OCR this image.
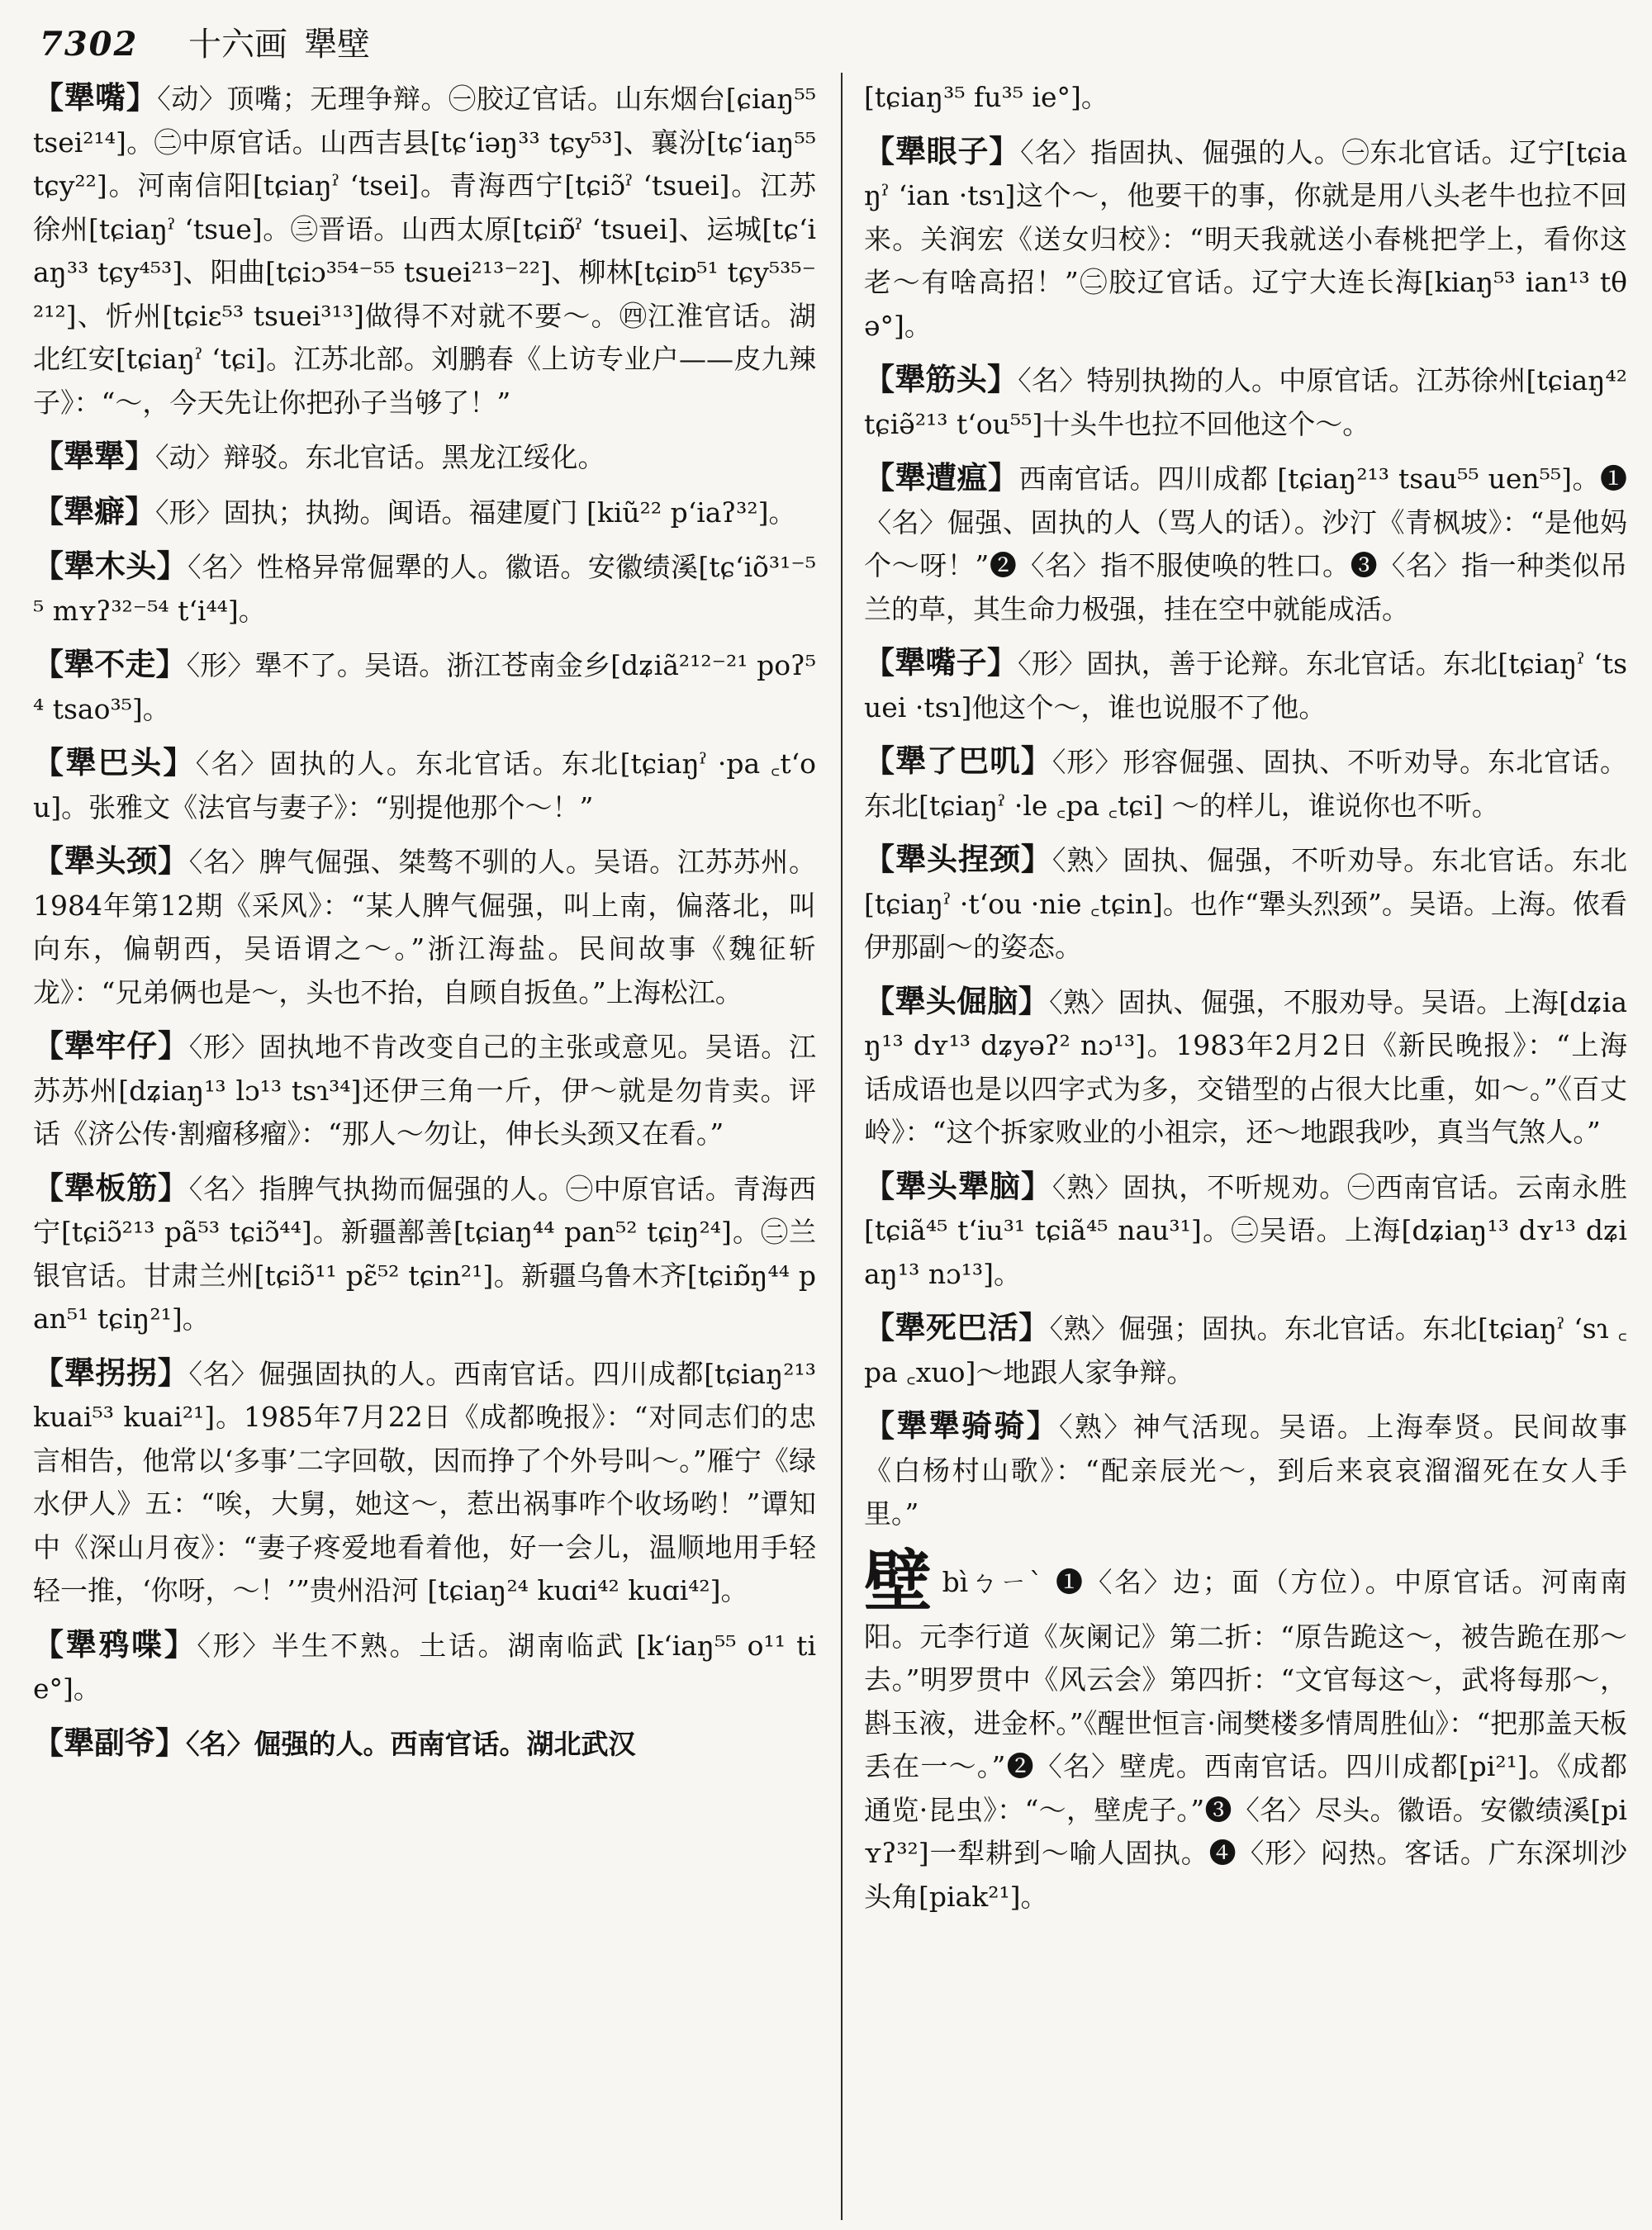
7302 十六画 犟壁

【犟嘴】〈动〉顶嘴；无理争辩。㊀胶辽官话。山东烟台[ɕiaŋ⁵⁵ tsei²¹⁴]。㊁中原官话。山西吉县[tɕʻiəŋ³³ tɕy⁵³]、襄汾[tɕʻiaŋ⁵⁵ tɕy²²]。河南信阳[tɕiaŋˀ ʻtsei]。青海西宁[tɕiɔ̃ˀ ʻtsuei]。江苏徐州[tɕiaŋˀ ʻtsue]。㊂晋语。山西太原[tɕiɒ̃ˀ ʻtsuei]、运城[tɕʻiaŋ³³ tɕy⁴⁵³]、阳曲[tɕiɔ³⁵⁴⁻⁵⁵ tsuei²¹³⁻²²]、柳林[tɕiɒ⁵¹ tɕy⁵³⁵⁻²¹²]、忻州[tɕiɛ⁵³ tsuei³¹³]做得不对就不要～。㊃江淮官话。湖北红安[tɕiaŋˀ ʻtɕi]。江苏北部。刘鹏春《上访专业户——皮九辣子》：“～，今天先让你把孙子当够了！”

【犟犟】〈动〉辩驳。东北官话。黑龙江绥化。

【犟癖】〈形〉固执；执拗。闽语。福建厦门 [kiũ²² pʻiaʔ³²]。

【犟木头】〈名〉性格异常倔犟的人。徽语。安徽绩溪[tɕʻiõ³¹⁻⁵⁵ mʏʔ³²⁻⁵⁴ tʻi⁴⁴]。

【犟不走】〈形〉犟不了。吴语。浙江苍南金乡[dʑiã²¹²⁻²¹ poʔ⁵⁴ tsao³⁵]。

【犟巴头】〈名〉固执的人。东北官话。东北[tɕiaŋˀ ·pa ꜀tʻou]。张雅文《法官与妻子》：“别提他那个～！”

【犟头颈】〈名〉脾气倔强、桀骜不驯的人。吴语。江苏苏州。1984年第12期《采风》：“某人脾气倔强，叫上南，偏落北，叫向东，偏朝西，吴语谓之～。”浙江海盐。民间故事《魏征斩龙》：“兄弟俩也是～，头也不抬，自顾自扳鱼。”上海松江。

【犟牢仔】〈形〉固执地不肯改变自己的主张或意见。吴语。江苏苏州[dʑiaŋ¹³ lɔ¹³ tsɿ³⁴]还伊三角一斤，伊～就是勿肯卖。评话《济公传·割瘤移瘤》：“那人～勿让，伸长头颈又在看。”

【犟板筋】〈名〉指脾气执拗而倔强的人。㊀中原官话。青海西宁[tɕiɔ̃²¹³ pã⁵³ tɕiɔ̃⁴⁴]。新疆鄯善[tɕiaŋ⁴⁴ pan⁵² tɕiŋ²⁴]。㊁兰银官话。甘肃兰州[tɕiɔ̃¹¹ pɛ̃⁵² tɕin²¹]。新疆乌鲁木齐[tɕiɒ̃ŋ⁴⁴ pan⁵¹ tɕiŋ²¹]。

【犟拐拐】〈名〉倔强固执的人。西南官话。四川成都[tɕiaŋ²¹³ kuai⁵³ kuai²¹]。1985年7月22日《成都晚报》：“对同志们的忠言相告，他常以‘多事’二字回敬，因而挣了个外号叫～。”雁宁《绿水伊人》五：“唉，大舅，她这～，惹出祸事咋个收场哟！”谭知中《深山月夜》：“妻子疼爱地看着他，好一会儿，温顺地用手轻轻一推，‘你呀，～！’”贵州沿河 [tɕiaŋ²⁴ kuɑi⁴² kuɑi⁴²]。

【犟鸦喋】〈形〉半生不熟。土话。湖南临武 [kʻiaŋ⁵⁵ o¹¹ tie°]。

【犟副爷】〈名〉倔强的人。西南官话。湖北武汉

[tɕiaŋ³⁵ fu³⁵ ie°]。

【犟眼子】〈名〉指固执、倔强的人。㊀东北官话。辽宁[tɕiaŋˀ ʻian ·tsɿ]这个～，他要干的事，你就是用八头老牛也拉不回来。关润宏《送女归校》：“明天我就送小春桃把学上，看你这老～有啥高招！”㊁胶辽官话。辽宁大连长海[kiaŋ⁵³ ian¹³ tθə°]。

【犟筋头】〈名〉特别执拗的人。中原官话。江苏徐州[tɕiaŋ⁴² tɕiə̃²¹³ tʻou⁵⁵]十头牛也拉不回他这个～。

【犟遭瘟】西南官话。四川成都 [tɕiaŋ²¹³ tsau⁵⁵ uen⁵⁵]。❶〈名〉倔强、固执的人（骂人的话）。沙汀《青枫坡》：“是他妈个～呀！”❷〈名〉指不服使唤的牲口。❸〈名〉指一种类似吊兰的草，其生命力极强，挂在空中就能成活。

【犟嘴子】〈形〉固执，善于论辩。东北官话。东北[tɕiaŋˀ ʻtsuei ·tsɿ]他这个～，谁也说服不了他。

【犟了巴叽】〈形〉形容倔强、固执、不听劝导。东北官话。东北[tɕiaŋˀ ·le ꜀pa ꜀tɕi] ～的样儿，谁说你也不听。

【犟头捏颈】〈熟〉固执、倔强，不听劝导。东北官话。东北[tɕiaŋˀ ·tʻou ·nie ꜀tɕin]。也作“犟头烈颈”。吴语。上海。侬看伊那副～的姿态。

【犟头倔脑】〈熟〉固执、倔强，不服劝导。吴语。上海[dʑiaŋ¹³ dʏ¹³ dʑyəʔ² nɔ¹³]。1983年2月2日《新民晚报》：“上海话成语也是以四字式为多，交错型的占很大比重，如～。”《百丈岭》：“这个拆家败业的小祖宗，还～地跟我吵，真当气煞人。”

【犟头犟脑】〈熟〉固执，不听规劝。㊀西南官话。云南永胜[tɕiã⁴⁵ tʻiu³¹ tɕiã⁴⁵ nau³¹]。㊁吴语。上海[dʑiaŋ¹³ dʏ¹³ dʑiaŋ¹³ nɔ¹³]。

【犟死巴活】〈熟〉倔强；固执。东北官话。东北[tɕiaŋˀ ʻsɿ ꜀pa ꜀xuo]～地跟人家争辩。

【犟犟骑骑】〈熟〉神气活现。吴语。上海奉贤。民间故事《白杨村山歌》：“配亲辰光～，到后来哀哀溜溜死在女人手里。”

壁bìㄅㄧˋ ❶〈名〉边；面（方位）。中原官话。河南南阳。元李行道《灰阑记》第二折：“原告跪这～，被告跪在那～去。”明罗贯中《风云会》第四折：“文官每这～，武将每那～，斟玉液，进金杯。”《醒世恒言·闹樊楼多情周胜仙》：“把那盖天板丢在一～。”❷〈名〉壁虎。西南官话。四川成都[pi²¹]。《成都通览·昆虫》：“～，壁虎子。”❸〈名〉尽头。徽语。安徽绩溪[piʏʔ³²]一犁耕到～喻人固执。❹〈形〉闷热。客话。广东深圳沙头角[piak²¹]。
